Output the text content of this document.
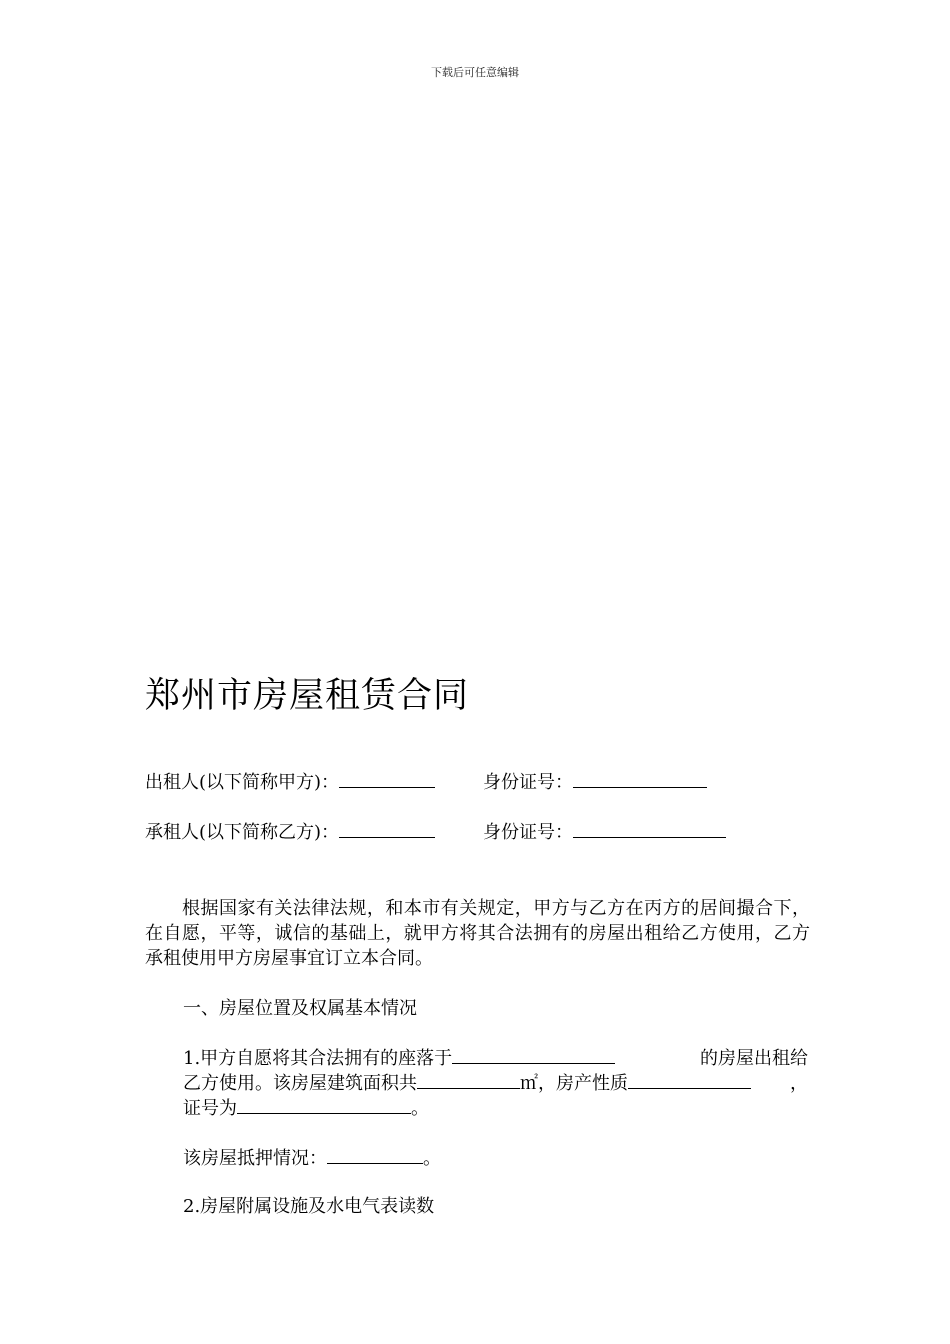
下载后可任意编辑
郑州市房屋租赁合同
出租人(以下简称甲方)：	身份证号：
承租人(以下简称乙方)：	身份证号：
根据国家有关法律法规，和本市有关规定，甲方与乙方在丙方的居间撮合下，在自愿，平等，诚信的基础上，就甲方将其合法拥有的房屋出租给乙方使用，乙方承租使用甲方房屋事宜订立本合同。
一、房屋位置及权属基本情况
1.甲方自愿将其合法拥有的座落于	的房屋出租给
乙方使用。该房屋建筑面积共	㎡，房产性质	，
证号为	。
该房屋抵押情况：	。
2.房屋附属设施及水电气表读数
